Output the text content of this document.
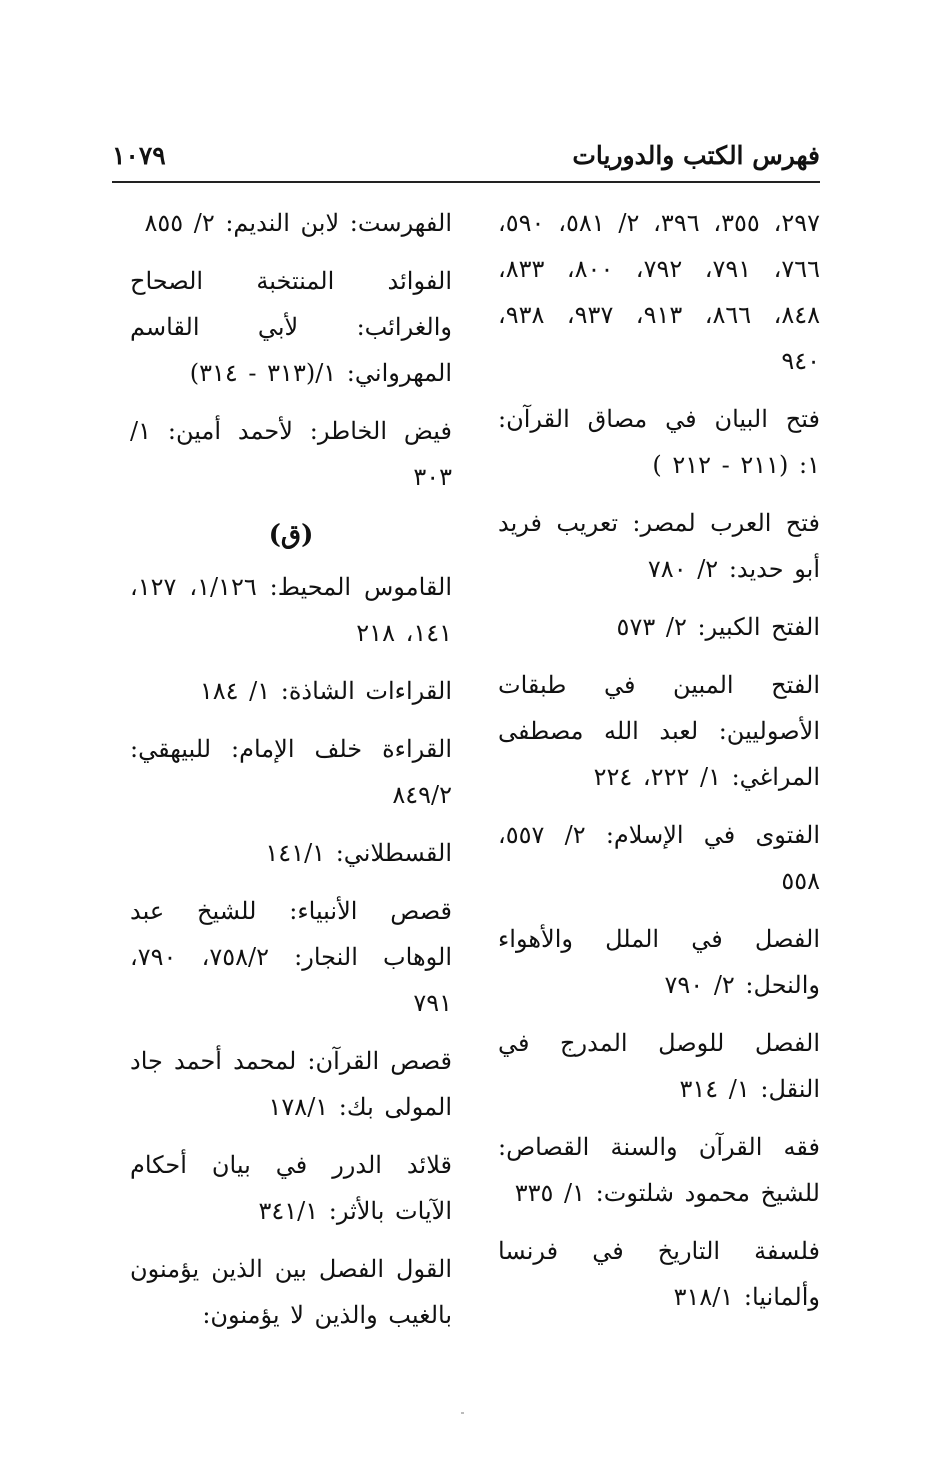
فهرس الكتب والدوريات
١٠٧٩

٢٩٧، ٣٥٥، ٣٩٦، ٢/ ٥٨١، ٥٩٠، ٧٦٦، ٧٩١، ٧٩٢، ٨٠٠، ٨٣٣، ٨٤٨، ٨٦٦، ٩١٣، ٩٣٧، ٩٣٨، ٩٤٠

فتح البيان في مصاق القرآن: ١: (٢١١ - ٢١٢ )

فتح العرب لمصر: تعريب فريد أبو حديد: ٢/ ٧٨٠

الفتح الكبير: ٢/ ٥٧٣

الفتح المبين في طبقات الأصوليين: لعبد الله مصطفى المراغي: ١/ ٢٢٢، ٢٢٤

الفتوى في الإسلام: ٢/ ٥٥٧، ٥٥٨

الفصل في الملل والأهواء والنحل: ٢/ ٧٩٠

الفصل للوصل المدرج في النقل: ١/ ٣١٤

فقه القرآن والسنة القصاص: للشيخ محمود شلتوت: ١/ ٣٣٥

فلسفة التاريخ في فرنسا وألمانيا: ٣١٨/١

الفهرست: لابن النديم: ٢/ ٨٥٥

الفوائد المنتخبة الصحاح والغرائب: لأبي القاسم المهرواني: ١/(٣١٣ - ٣١٤)

فيض الخاطر: لأحمد أمين: ١/ ٣٠٣

(ق)

القاموس المحيط: ١/١٢٦، ١٢٧، ١٤١، ٢١٨

القراءات الشاذة: ١/ ١٨٤

القراءة خلف الإمام: للبيهقي: ٨٤٩/٢

القسطلاني: ١٤١/١

قصص الأنبياء: للشيخ عبد الوهاب النجار: ٧٥٨/٢، ٧٩٠، ٧٩١

قصص القرآن: لمحمد أحمد جاد المولى بك: ١٧٨/١

قلائد الدرر في بيان أحكام الآيات بالأثر: ٣٤١/١

القول الفصل بين الذين يؤمنون بالغيب والذين لا يؤمنون:
